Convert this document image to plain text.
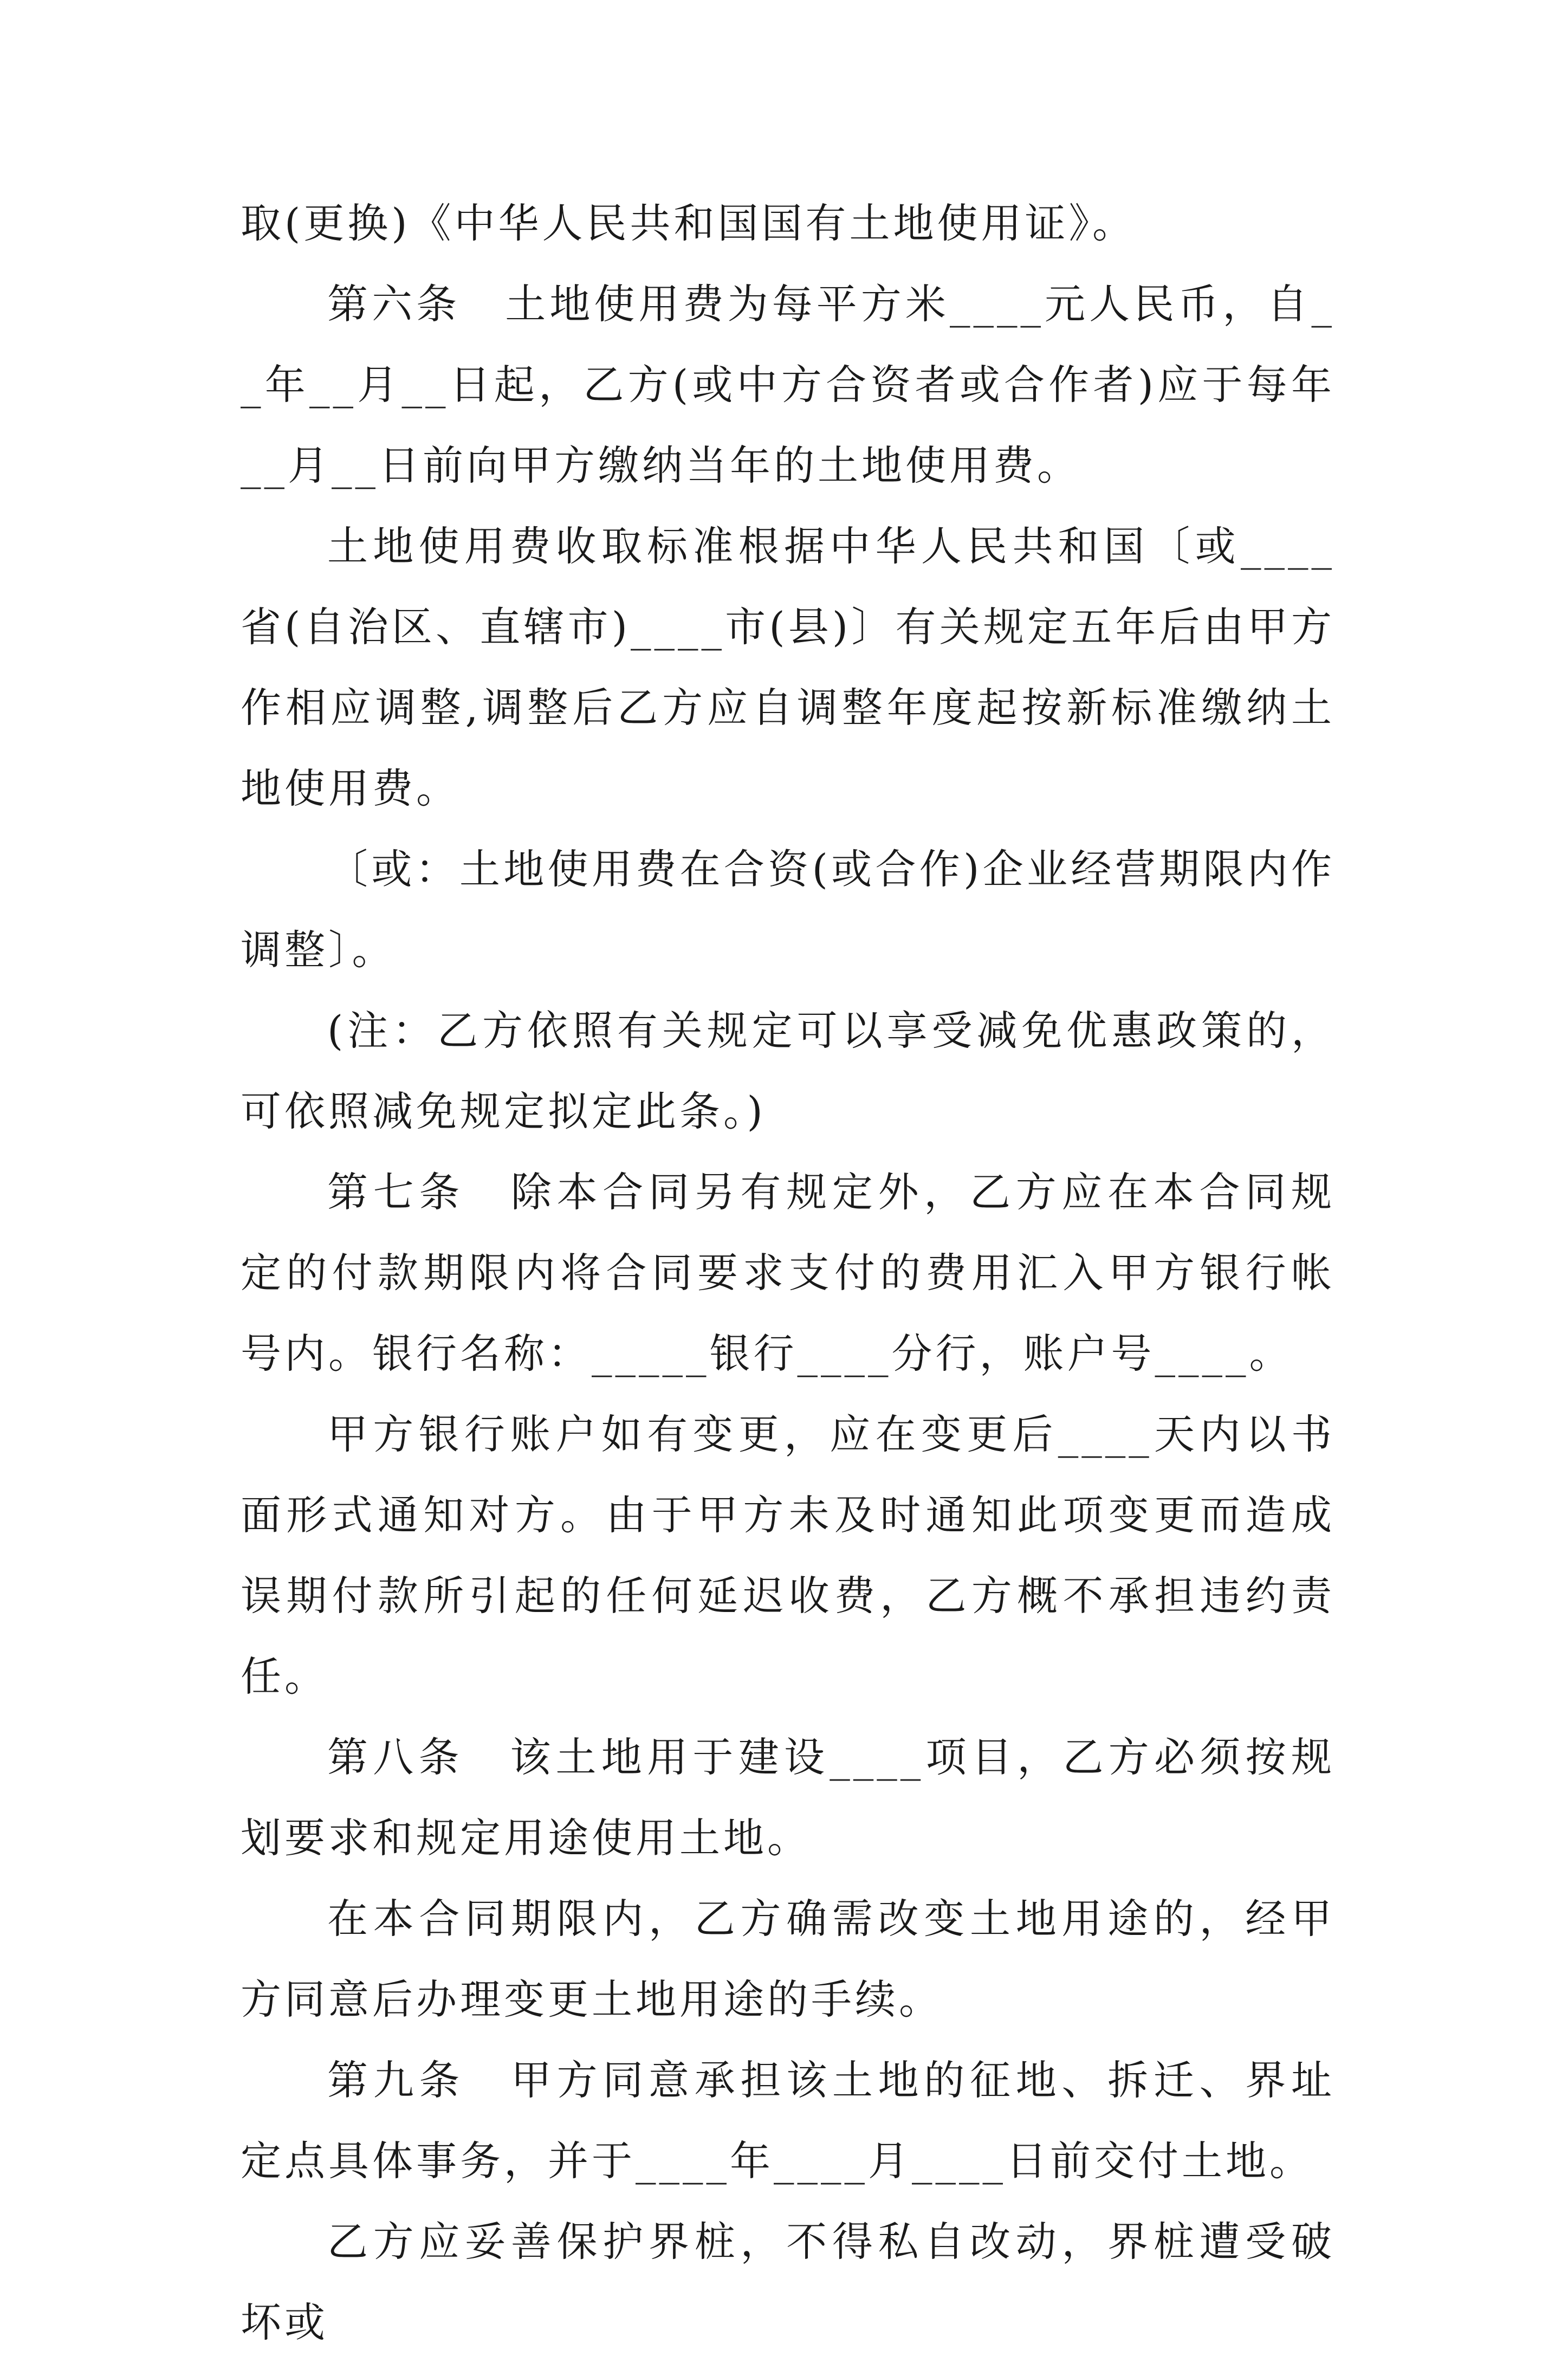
取(更换)《中华人民共和国国有土地使用证》。

第六条　土地使用费为每平方米____元人民币，自__年__月__日起，乙方(或中方合资者或合作者)应于每年__月__日前向甲方缴纳当年的土地使用费。

土地使用费收取标准根据中华人民共和国〔或____省(自治区、直辖市)____市(县)〕有关规定五年后由甲方作相应调整,调整后乙方应自调整年度起按新标准缴纳土地使用费。

〔或：土地使用费在合资(或合作)企业经营期限内作调整〕。

(注：乙方依照有关规定可以享受减免优惠政策的，可依照减免规定拟定此条。)

第七条　除本合同另有规定外，乙方应在本合同规定的付款期限内将合同要求支付的费用汇入甲方银行帐号内。银行名称：_____银行____分行，账户号____。

甲方银行账户如有变更，应在变更后____天内以书面形式通知对方。由于甲方未及时通知此项变更而造成误期付款所引起的任何延迟收费，乙方概不承担违约责任。

第八条　该土地用于建设____项目，乙方必须按规划要求和规定用途使用土地。

在本合同期限内，乙方确需改变土地用途的，经甲方同意后办理变更土地用途的手续。

第九条　甲方同意承担该土地的征地、拆迁、界址定点具体事务，并于____年____月____日前交付土地。

乙方应妥善保护界桩，不得私自改动，界桩遭受破坏或
